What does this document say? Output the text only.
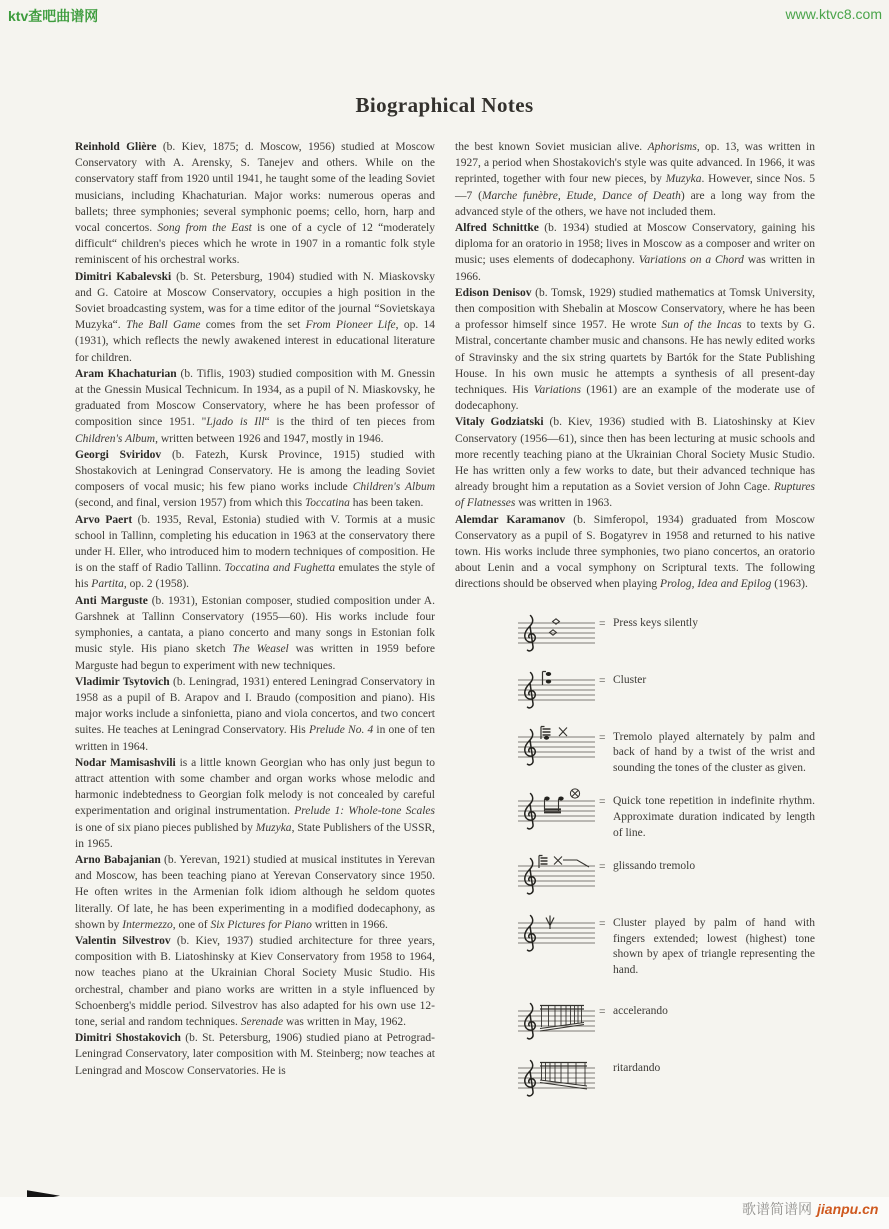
ktv查吧曲谱网	www.ktvc8.com
Biographical Notes

Reinhold Glière (b. Kiev, 1875; d. Moscow, 1956) studied at Moscow Conservatory with A. Arensky, S. Tanejev and others. While on the conservatory staff from 1920 until 1941, he taught some of the leading Soviet musicians, including Khachaturian. Major works: numerous operas and ballets; three symphonies; several symphonic poems; cello, horn, harp and vocal concertos. Song from the East is one of a cycle of 12 “moderately difficult“ children's pieces which he wrote in 1907 in a romantic folk style reminiscent of his orchestral works.

Dimitri Kabalevski (b. St. Petersburg, 1904) studied with N. Miaskovsky and G. Catoire at Moscow Conservatory, occupies a high position in the Soviet broadcasting system, was for a time editor of the journal “Sovietskaya Muzyka“. The Ball Game comes from the set From Pioneer Life, op. 14 (1931), which reflects the newly awakened interest in educational literature for children.

Aram Khachaturian (b. Tiflis, 1903) studied composition with M. Gnessin at the Gnessin Musical Technicum. In 1934, as a pupil of N. Miaskovsky, he graduated from Moscow Conservatory, where he has been professor of composition since 1951. "Ljado is Ill“ is the third of ten pieces from Children's Album, written between 1926 and 1947, mostly in 1946.

Georgi Sviridov (b. Fatezh, Kursk Province, 1915) studied with Shostakovich at Leningrad Conservatory. He is among the leading Soviet composers of vocal music; his few piano works include Children's Album (second, and final, version 1957) from which this Toccatina has been taken.

Arvo Paert (b. 1935, Reval, Estonia) studied with V. Tormis at a music school in Tallinn, completing his education in 1963 at the conservatory there under H. Eller, who introduced him to modern techniques of composition. He is on the staff of Radio Tallinn. Toccatina and Fughetta emulates the style of his Partita, op. 2 (1958).

Anti Marguste (b. 1931), Estonian composer, studied composition under A. Garshnek at Tallinn Conservatory (1955—60). His works include four symphonies, a cantata, a piano concerto and many songs in Estonian folk music style. His piano sketch The Weasel was written in 1959 before Marguste had begun to experiment with new techniques.

Vladimir Tsytovich (b. Leningrad, 1931) entered Leningrad Conservatory in 1958 as a pupil of B. Arapov and I. Braudo (composition and piano). His major works include a sinfonietta, piano and viola concertos, and two concert suites. He teaches at Leningrad Conservatory. His Prelude No. 4 in one of ten written in 1964.

Nodar Mamisashvili is a little known Georgian who has only just begun to attract attention with some chamber and organ works whose melodic and harmonic indebtedness to Georgian folk melody is not concealed by careful experimentation and original instrumentation. Prelude 1: Whole-tone Scales is one of six piano pieces published by Muzyka, State Publishers of the USSR, in 1965.

Arno Babajanian (b. Yerevan, 1921) studied at musical institutes in Yerevan and Moscow, has been teaching piano at Yerevan Conservatory since 1950. He often writes in the Armenian folk idiom although he seldom quotes literally. Of late, he has been experimenting in a modified dodecaphony, as shown by Intermezzo, one of Six Pictures for Piano written in 1966.

Valentin Silvestrov (b. Kiev, 1937) studied architecture for three years, composition with B. Liatoshinsky at Kiev Conservatory from 1958 to 1964, now teaches piano at the Ukrainian Choral Society Music Studio. His orchestral, chamber and piano works are written in a style influenced by Schoenberg's middle period. Silvestrov has also adapted for his own use 12-tone, serial and random techniques. Serenade was written in May, 1962.

Dimitri Shostakovich (b. St. Petersburg, 1906) studied piano at Petrograd-Leningrad Conservatory, later composition with M. Steinberg; now teaches at Leningrad and Moscow Conservatories. He is

the best known Soviet musician alive. Aphorisms, op. 13, was written in 1927, a period when Shostakovich's style was quite advanced. In 1966, it was reprinted, together with four new pieces, by Muzyka. However, since Nos. 5—7 (Marche funèbre, Etude, Dance of Death) are a long way from the advanced style of the others, we have not included them.

Alfred Schnittke (b. 1934) studied at Moscow Conservatory, gaining his diploma for an oratorio in 1958; lives in Moscow as a composer and writer on music; uses elements of dodecaphony. Variations on a Chord was written in 1966.

Edison Denisov (b. Tomsk, 1929) studied mathematics at Tomsk University, then composition with Shebalin at Moscow Conservatory, where he has been a professor himself since 1957. He wrote Sun of the Incas to texts by G. Mistral, concertante chamber music and chansons. He has newly edited works of Stravinsky and the six string quartets by Bartók for the State Publishing House. In his own music he attempts a synthesis of all present-day techniques. His Variations (1961) are an example of the moderate use of dodecaphony.

Vitaly Godziatski (b. Kiev, 1936) studied with B. Liatoshinsky at Kiev Conservatory (1956—61), since then has been lecturing at music schools and more recently teaching piano at the Ukrainian Choral Society Music Studio. He has written only a few works to date, but their advanced technique has already brought him a reputation as a Soviet version of John Cage. Ruptures of Flatnesses was written in 1963.

Alemdar Karamanov (b. Simferopol, 1934) graduated from Moscow Conservatory as a pupil of S. Bogatyrev in 1958 and returned to his native town. His works include three symphonies, two piano concertos, an oratorio about Lenin and a vocal symphony on Scriptural texts. The following directions should be observed when playing Prolog, Idea and Epilog (1963).

= Press keys silently
= Cluster
= Tremolo played alternately by palm and back of hand by a twist of the wrist and sounding the tones of the cluster as given.
= Quick tone repetition in indefinite rhythm. Approximate duration indicated by length of line.
= glissando tremolo
= Cluster played by palm of hand with fingers extended; lowest (highest) tone shown by apex of triangle representing the hand.
= accelerando
ritardando
歌谱简谱网 jianpu.cn
